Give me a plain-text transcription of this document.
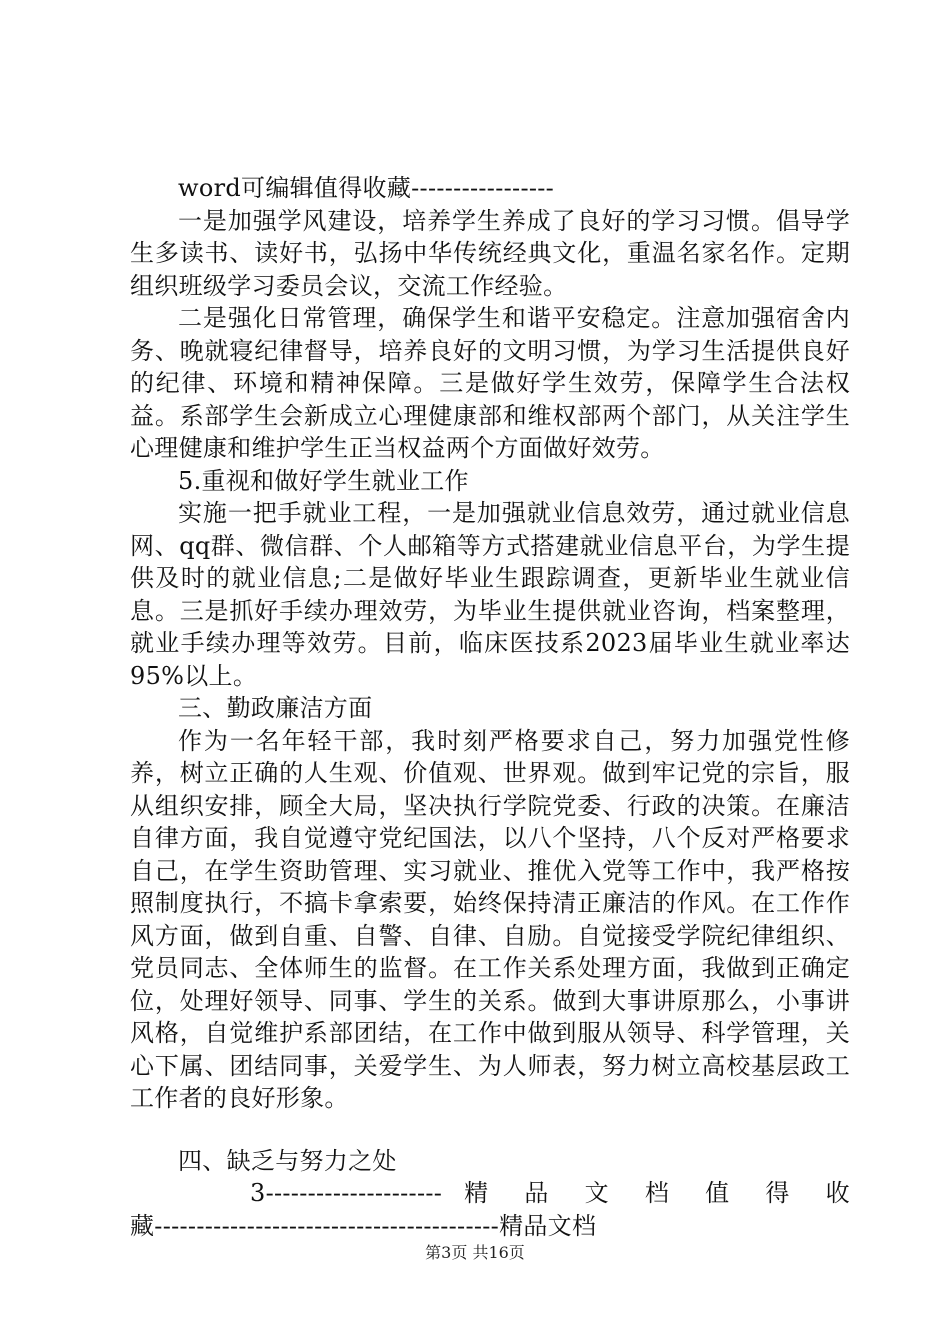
word可编辑值得收藏-----------------

一是加强学风建设，培养学生养成了良好的学习习惯。倡导学生多读书、读好书，弘扬中华传统经典文化，重温名家名作。定期组织班级学习委员会议，交流工作经验。

二是强化日常管理，确保学生和谐平安稳定。注意加强宿舍内务、晚就寝纪律督导，培养良好的文明习惯，为学习生活提供良好的纪律、环境和精神保障。三是做好学生效劳，保障学生合法权益。系部学生会新成立心理健康部和维权部两个部门，从关注学生心理健康和维护学生正当权益两个方面做好效劳。

5.重视和做好学生就业工作

实施一把手就业工程，一是加强就业信息效劳，通过就业信息网、qq群、微信群、个人邮箱等方式搭建就业信息平台，为学生提供及时的就业信息;二是做好毕业生跟踪调查，更新毕业生就业信息。三是抓好手续办理效劳，为毕业生提供就业咨询，档案整理，就业手续办理等效劳。目前，临床医技系2023届毕业生就业率达95%以上。

三、勤政廉洁方面

作为一名年轻干部，我时刻严格要求自己，努力加强党性修养，树立正确的人生观、价值观、世界观。做到牢记党的宗旨，服从组织安排，顾全大局，坚决执行学院党委、行政的决策。在廉洁自律方面，我自觉遵守党纪国法，以八个坚持，八个反对严格要求自己，在学生资助管理、实习就业、推优入党等工作中，我严格按照制度执行，不搞卡拿索要，始终保持清正廉洁的作风。在工作作风方面，做到自重、自警、自律、自励。自觉接受学院纪律组织、党员同志、全体师生的监督。在工作关系处理方面，我做到正确定位，处理好领导、同事、学生的关系。做到大事讲原那么，小事讲风格，自觉维护系部团结，在工作中做到服从领导、科学管理，关心下属、团结同事，关爱学生、为人师表，努力树立高校基层政工工作者的良好形象。

四、缺乏与努力之处

3--------------------- 精 品 文 档 值 得 收

藏-----------------------------------------精品文档

第3页 共16页
